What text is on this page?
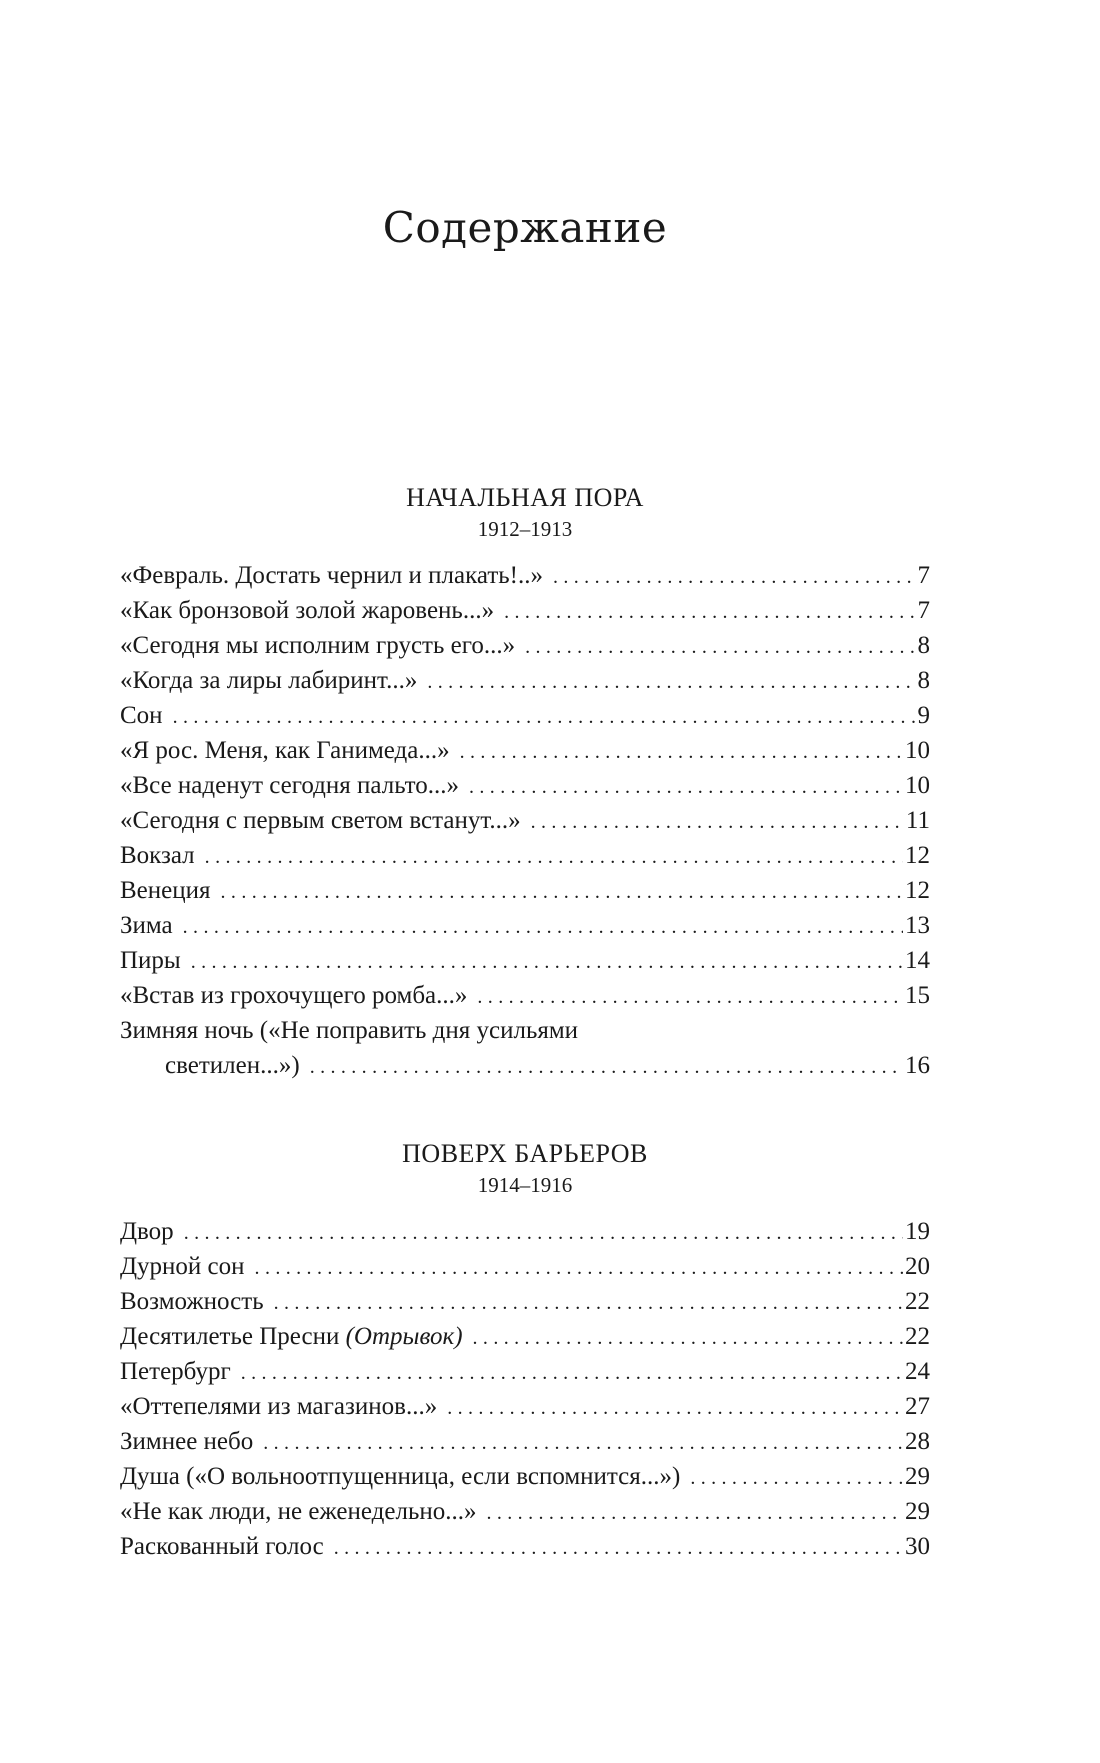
Содержание
НАЧАЛЬНАЯ ПОРА
1912–1913
«Февраль. Достать чернил и плакать!..» .....	7
«Как бронзовой золой жаровень...» .....	7
«Сегодня мы исполним грусть его...» .....	8
«Когда за лиры лабиринт...» .....	8
Сон .....	9
«Я рос. Меня, как Ганимеда...» .....	10
«Все наденут сегодня пальто...» .....	10
«Сегодня с первым светом встанут...» .....	11
Вокзал .....	12
Венеция .....	12
Зима .....	13
Пиры .....	14
«Встав из грохочущего ромба...» .....	15
Зимняя ночь («Не поправить дня усильями
светилен...») .....	16
ПОВЕРХ БАРЬЕРОВ
1914–1916
Двор .....	19
Дурной сон .....	20
Возможность .....	22
Десятилетье Пресни (Отрывок) .....	22
Петербург .....	24
«Оттепелями из магазинов...» .....	27
Зимнее небо .....	28
Душа («О вольноотпущенница, если вспомнится...») .....	29
«Не как люди, не еженедельно...» .....	29
Раскованный голос .....	30
